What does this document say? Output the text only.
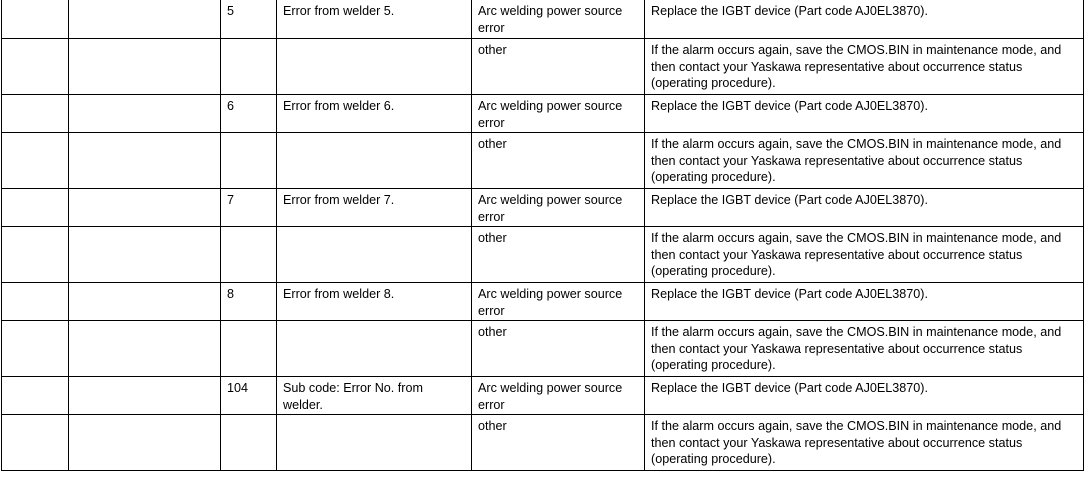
		5	Error from welder 5.	Arc welding power source error	Replace the IGBT device (Part code AJ0EL3870).
				other	If the alarm occurs again, save the CMOS.BIN in maintenance mode, and then contact your Yaskawa representative about occurrence status (operating procedure).
		6	Error from welder 6.	Arc welding power source error	Replace the IGBT device (Part code AJ0EL3870).
				other	If the alarm occurs again, save the CMOS.BIN in maintenance mode, and then contact your Yaskawa representative about occurrence status (operating procedure).
		7	Error from welder 7.	Arc welding power source error	Replace the IGBT device (Part code AJ0EL3870).
				other	If the alarm occurs again, save the CMOS.BIN in maintenance mode, and then contact your Yaskawa representative about occurrence status (operating procedure).
		8	Error from welder 8.	Arc welding power source error	Replace the IGBT device (Part code AJ0EL3870).
				other	If the alarm occurs again, save the CMOS.BIN in maintenance mode, and then contact your Yaskawa representative about occurrence status (operating procedure).
		104	Sub code: Error No. from welder.	Arc welding power source error	Replace the IGBT device (Part code AJ0EL3870).
				other	If the alarm occurs again, save the CMOS.BIN in maintenance mode, and then contact your Yaskawa representative about occurrence status (operating procedure).
